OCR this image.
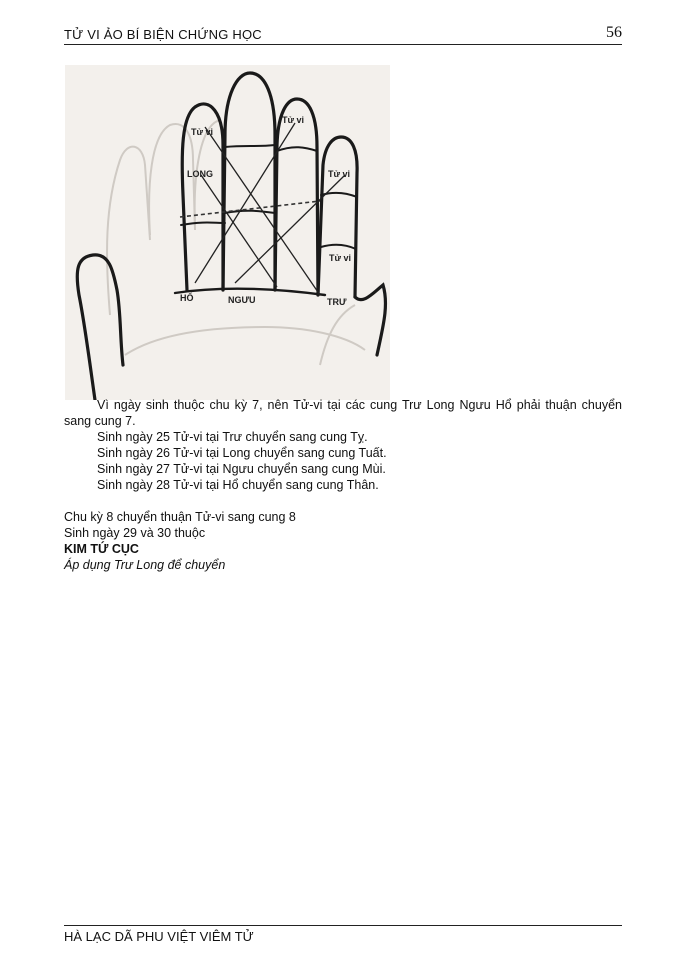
TỬ VI ẢO BÍ BIỆN CHỨNG HỌC	56
Tử vi
Tử vi
Tử vi
Tử vi
LONG
HỔ	NGƯU	TRƯ

Vì ngày sinh thuộc chu kỳ 7, nên Tử-vi tại các cung Trư Long Ngưu Hổ phải thuận chuyển sang cung 7.

Sinh ngày 25 Tử-vi tại Trư chuyển sang cung Tỵ.

Sinh ngày 26 Tử-vi tại Long chuyển sang cung Tuất.

Sinh ngày 27 Tử-vi tại Ngưu chuyển sang cung Mùi.

Sinh ngày 28 Tử-vi tại Hổ chuyển sang cung Thân.

Chu kỳ 8 chuyển thuận Tử-vi sang cung 8

Sinh ngày 29 và 30 thuộc

KIM TỨ CỤC

Áp dụng Trư Long để chuyển

HÀ LẠC DÃ PHU VIỆT VIÊM TỬ
